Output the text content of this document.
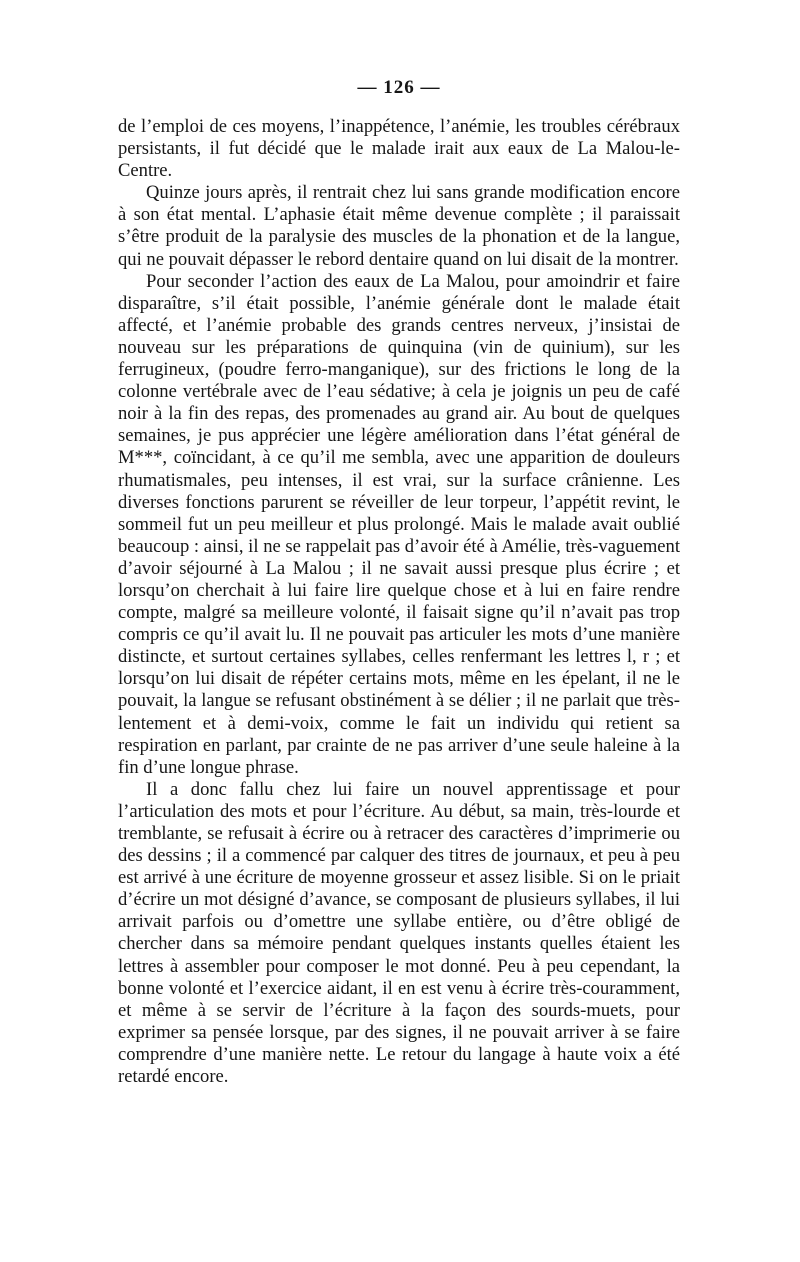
— 126 —

de l’emploi de ces moyens, l’inappétence, l’anémie, les troubles cérébraux persistants, il fut décidé que le malade irait aux eaux de La Malou-le-Centre.

Quinze jours après, il rentrait chez lui sans grande modification encore à son état mental. L’aphasie était même devenue complète ; il paraissait s’être produit de la paralysie des muscles de la phonation et de la langue, qui ne pouvait dépasser le rebord dentaire quand on lui disait de la montrer.

Pour seconder l’action des eaux de La Malou, pour amoindrir et faire disparaître, s’il était possible, l’anémie générale dont le malade était affecté, et l’anémie probable des grands centres nerveux, j’insistai de nouveau sur les préparations de quinquina (vin de quinium), sur les ferrugineux, (poudre ferro-manganique), sur des frictions le long de la colonne vertébrale avec de l’eau sédative; à cela je joignis un peu de café noir à la fin des repas, des promenades au grand air. Au bout de quelques semaines, je pus apprécier une légère amélioration dans l’état général de M***, coïncidant, à ce qu’il me sembla, avec une apparition de douleurs rhumatismales, peu intenses, il est vrai, sur la surface crânienne. Les diverses fonctions parurent se réveiller de leur torpeur, l’appétit revint, le sommeil fut un peu meilleur et plus prolongé. Mais le malade avait oublié beaucoup : ainsi, il ne se rappelait pas d’avoir été à Amélie, très-vaguement d’avoir séjourné à La Malou ; il ne savait aussi presque plus écrire ; et lorsqu’on cherchait à lui faire lire quelque chose et à lui en faire rendre compte, malgré sa meilleure volonté, il faisait signe qu’il n’avait pas trop compris ce qu’il avait lu. Il ne pouvait pas articuler les mots d’une manière distincte, et surtout certaines syllabes, celles renfermant les lettres l, r ; et lorsqu’on lui disait de répéter certains mots, même en les épelant, il ne le pouvait, la langue se refusant obstinément à se délier ; il ne parlait que très-lentement et à demi-voix, comme le fait un individu qui retient sa respiration en parlant, par crainte de ne pas arriver d’une seule haleine à la fin d’une longue phrase.

Il a donc fallu chez lui faire un nouvel apprentissage et pour l’articulation des mots et pour l’écriture. Au début, sa main, très-lourde et tremblante, se refusait à écrire ou à retracer des caractères d’imprimerie ou des dessins ; il a commencé par calquer des titres de journaux, et peu à peu est arrivé à une écriture de moyenne grosseur et assez lisible. Si on le priait d’écrire un mot désigné d’avance, se composant de plusieurs syllabes, il lui arrivait parfois ou d’omettre une syllabe entière, ou d’être obligé de chercher dans sa mémoire pendant quelques instants quelles étaient les lettres à assembler pour composer le mot donné. Peu à peu cependant, la bonne volonté et l’exercice aidant, il en est venu à écrire très-couramment, et même à se servir de l’écriture à la façon des sourds-muets, pour exprimer sa pensée lorsque, par des signes, il ne pouvait arriver à se faire comprendre d’une manière nette. Le retour du langage à haute voix a été retardé encore.
